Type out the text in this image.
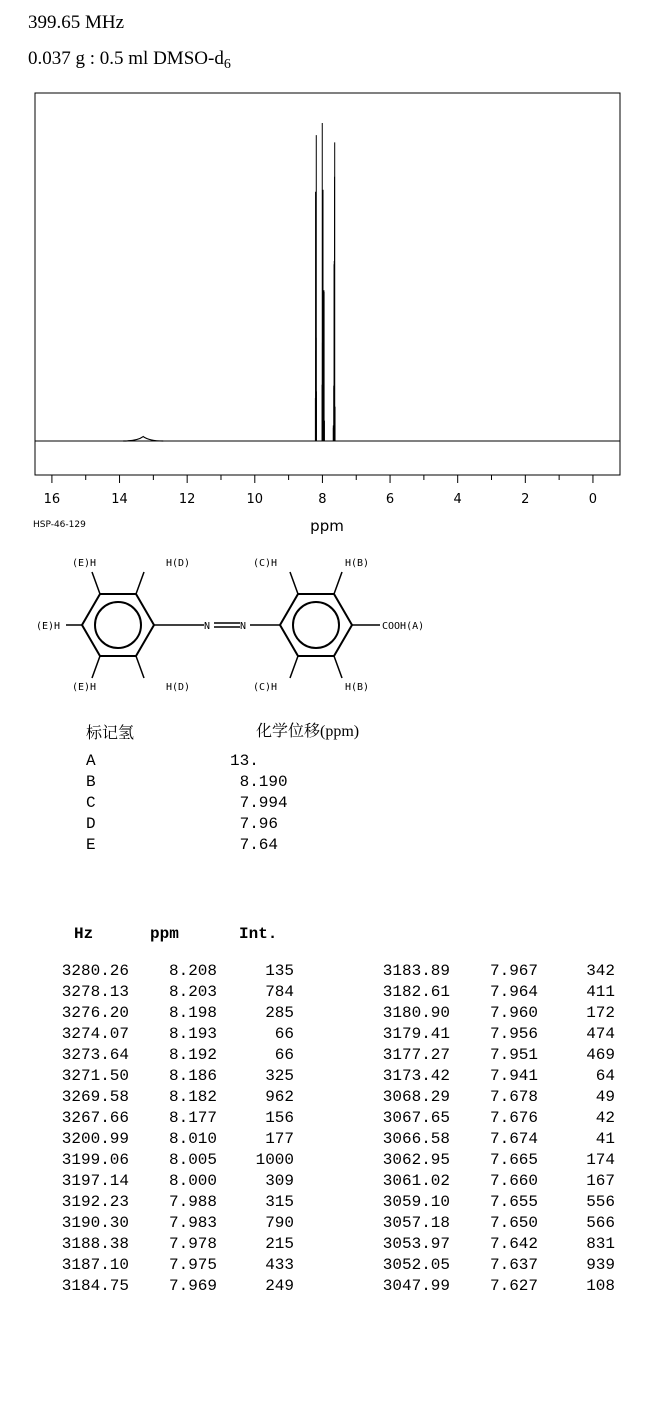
399.65 MHz
0.037 g : 0.5 ml DMSO-$d_6$
16	14	12	10	8	6	4	2	0
ppm
HSP-46-129
(E)H	H(D)	(C)H	H(B)
(E)H	N	N	COOH(A)
(E)H	H(D)	(C)H	H(B)
标记氢	化学位移(ppm)
A	13.
B	8.190
C	7.994
D	7.96
E	7.64
Hz	ppm	Int.
3280.26 8.208	135
3278.13 8.203	784
3276.20 8.198	285
3274.07 8.193	66
3273.64 8.192	66
3271.50 8.186	325
3269.58 8.182	962
3267.66 8.177	156
3200.99 8.010	177
3199.06 8.005 1000
3197.14 8.000	309
3192.23 7.988	315
3190.30 7.983	790
3188.38 7.978	215
3187.10 7.975	433
3184.75 7.969	249
3183.89 7.967	342
3182.61 7.964	411
3180.90 7.960	172
3179.41 7.956	474
3177.27 7.951	469
3173.42 7.941	64
3068.29 7.678	49
3067.65 7.676	42
3066.58 7.674	41
3062.95 7.665	174
3061.02 7.660	167
3059.10 7.655	556
3057.18 7.650	566
3053.97 7.642	831
3052.05 7.637	939
3047.99 7.627	108
